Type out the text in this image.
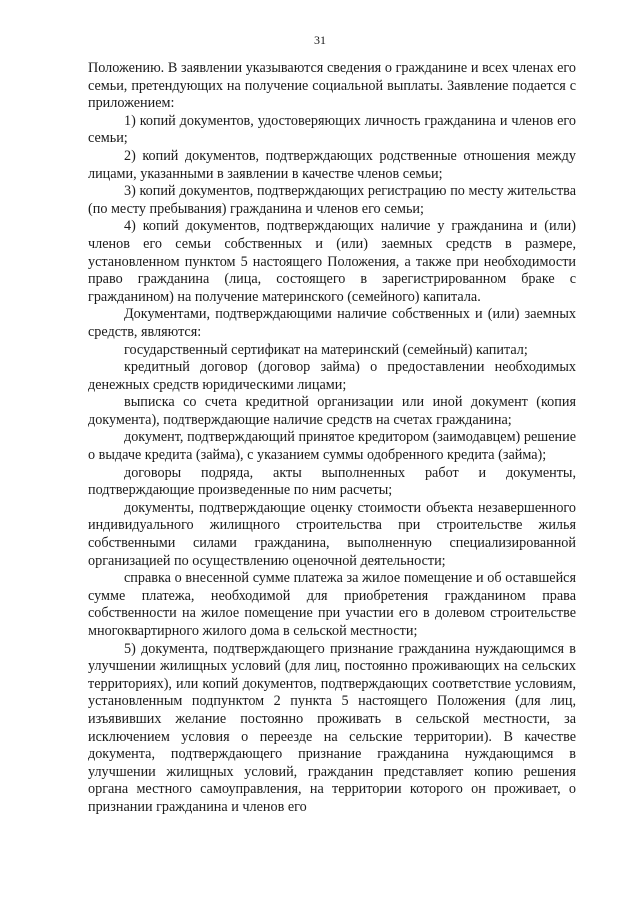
31

Положению. В заявлении указываются сведения о гражданине и всех членах его семьи, претендующих на получение социальной выплаты. Заявление подается с приложением:

1) копий документов, удостоверяющих личность гражданина и членов его семьи;

2) копий документов, подтверждающих родственные отношения между лицами, указанными в заявлении в качестве членов семьи;

3) копий документов, подтверждающих регистрацию по месту жительства (по месту пребывания) гражданина и членов его семьи;

4) копий документов, подтверждающих наличие у гражданина и (или) членов его семьи собственных и (или) заемных средств в размере, установленном пунктом 5 настоящего Положения, а также при необходимости право гражданина (лица, состоящего в зарегистрированном браке с гражданином) на получение материнского (семейного) капитала.

Документами, подтверждающими наличие собственных и (или) заемных средств, являются:

государственный сертификат на материнский (семейный) капитал;

кредитный договор (договор займа) о предоставлении необходимых денежных средств юридическими лицами;

выписка со счета кредитной организации или иной документ (копия документа), подтверждающие наличие средств на счетах гражданина;

документ, подтверждающий принятое кредитором (заимодавцем) решение о выдаче кредита (займа), с указанием суммы одобренного кредита (займа);

договоры подряда, акты выполненных работ и документы, подтверждающие произведенные по ним расчеты;

документы, подтверждающие оценку стоимости объекта незавершенного индивидуального жилищного строительства при строительстве жилья собственными силами гражданина, выполненную специализированной организацией по осуществлению оценочной деятельности;

справка о внесенной сумме платежа за жилое помещение и об оставшейся сумме платежа, необходимой для приобретения гражданином права собственности на жилое помещение при участии его в долевом строительстве многоквартирного жилого дома в сельской местности;

5) документа, подтверждающего признание гражданина нуждающимся в улучшении жилищных условий (для лиц, постоянно проживающих на сельских территориях), или копий документов, подтверждающих соответствие условиям, установленным подпунктом 2 пункта 5 настоящего Положения (для лиц, изъявивших желание постоянно проживать в сельской местности, за исключением условия о переезде на сельские территории). В качестве документа, подтверждающего признание гражданина нуждающимся в улучшении жилищных условий, гражданин представляет копию решения органа местного самоуправления, на территории которого он проживает, о признании гражданина и членов его
